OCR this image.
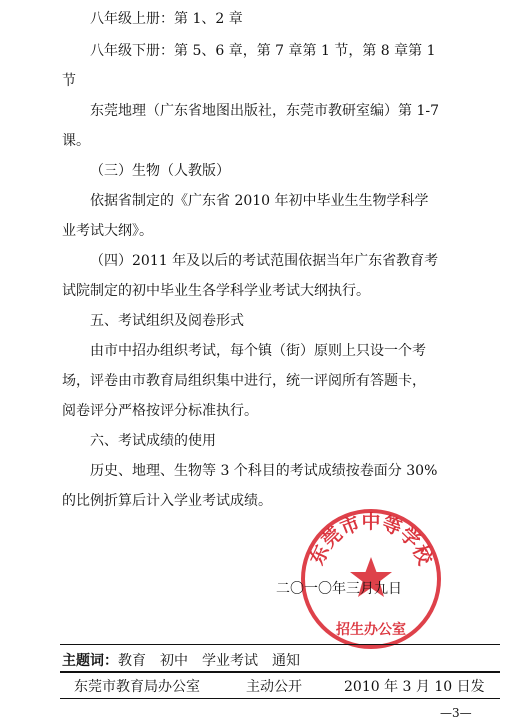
八年级上册：第 1、2 章
八年级下册：第 5、6 章，第 7 章第 1 节，第 8 章第 1
节
东莞地理（广东省地图出版社，东莞市教研室编）第 1-7
课。
（三）生物（人教版）
依据省制定的《广东省 2010 年初中毕业生生物学科学
业考试大纲》。
（四）2011 年及以后的考试范围依据当年广东省教育考
试院制定的初中毕业生各学科学业考试大纲执行。
五、考试组织及阅卷形式
由市中招办组织考试，每个镇（街）原则上只设一个考
场，评卷由市教育局组织集中进行，统一评阅所有答题卡，
阅卷评分严格按评分标准执行。
六、考试成绩的使用
历史、地理、生物等 3 个科目的考试成绩按卷面分 30%
的比例折算后计入学业考试成绩。
东莞市中等学校
招生办公室
二〇一〇年三月九日
主题词：教育　初中　学业考试　通知
东莞市教育局办公室	主动公开	2010 年 3 月 10 日发
—3—
